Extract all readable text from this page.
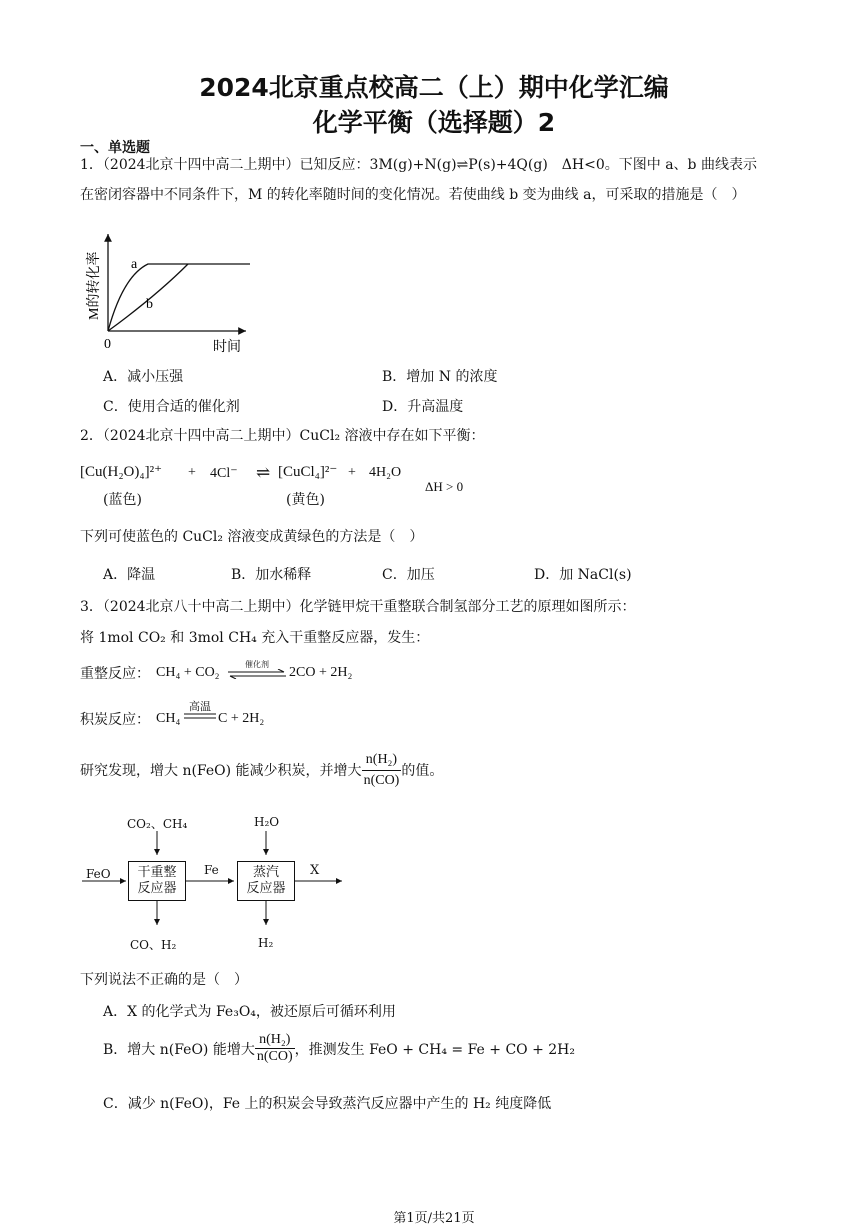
2024北京重点校高二（上）期中化学汇编
化学平衡（选择题）2
一、单选题
1．（2024北京十四中高二上期中）已知反应：3M(g)+N(g)⇌P(s)+4Q(g)　ΔH<0。下图中 a、b 曲线表示
在密闭容器中不同条件下，M 的转化率随时间的变化情况。若使曲线 b 变为曲线 a，可采取的措施是（　）
a
b
0	时间
M的转化率
A．减小压强	B．增加 N 的浓度
C．使用合适的催化剂	D．升高温度
2．（2024北京十四中高二上期中）CuCl₂ 溶液中存在如下平衡：
[Cu(H₂O)₄]²⁺ + 4Cl⁻ ⇌ [CuCl₄]²⁻ + 4H₂O
ΔH > 0
(蓝色)	(黄色)
下列可使蓝色的 CuCl₂ 溶液变成黄绿色的方法是（　）
A．降温	B．加水稀释	C．加压	D．加 NaCl(s)
3．（2024北京八十中高二上期中）化学链甲烷干重整联合制氢部分工艺的原理如图所示：
将 1mol CO₂ 和 3mol CH₄ 充入干重整反应器，发生：
重整反应： CH₄ + CO₂
催化剂
⇌ 2CO + 2H₂
积炭反应： CH₄
高温
C + 2H₂
研究发现，增大 n(FeO) 能减少积炭，并增大 $\frac{\text{n(H₂)}}{n(CO)}$ 的值。
CO₂、CH₄	H₂O
FeO	干重整
反应器
Fe	蒸汽
反应器
X
CO、H₂	H₂
下列说法不正确的是（　）
A．X 的化学式为 Fe₃O₄，被还原后可循环利用
B．增大 n(FeO) 能增大 $\frac{\text{n(H₂)}}{n(CO)}$ ，推测发生 FeO + CH₄ = Fe + CO + 2H₂
C．减少 n(FeO)，Fe 上的积炭会导致蒸汽反应器中产生的 H₂ 纯度降低
第1页/共21页
